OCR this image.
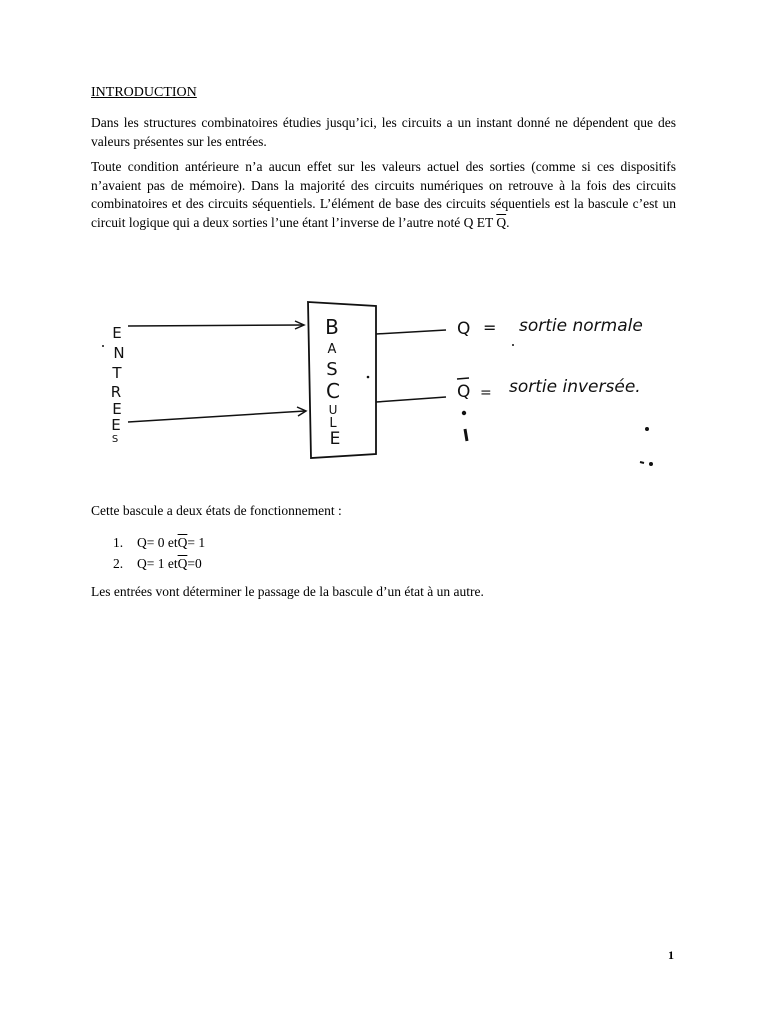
INTRODUCTION

Dans les structures combinatoires étudies jusqu’ici, les circuits a un instant donné ne dépendent que des valeurs présentes sur les entrées.

Toute condition antérieure n’a aucun effet sur les valeurs actuel des sorties (comme si ces dispositifs n’avaient pas de mémoire). Dans la majorité des circuits numériques on retrouve à la fois des circuits combinatoires et des circuits séquentiels. L’élément de base des circuits séquentiels est la bascule c’est un circuit logique qui a deux sorties l’une étant l’inverse de l’autre noté Q ET $\overline{Q}$.

E
N
T
R
E
E
S
B
A
S
C
U
L
E
Q = sortie normale
Q = sortie inversée.
Cette bascule a deux états de fonctionnement :
1.	Q= 0 et $\overline{Q} = 1$
2.	Q= 1 et $\overline{Q} =0$
Les entrées vont déterminer le passage de la bascule d’un état à un autre.
1
